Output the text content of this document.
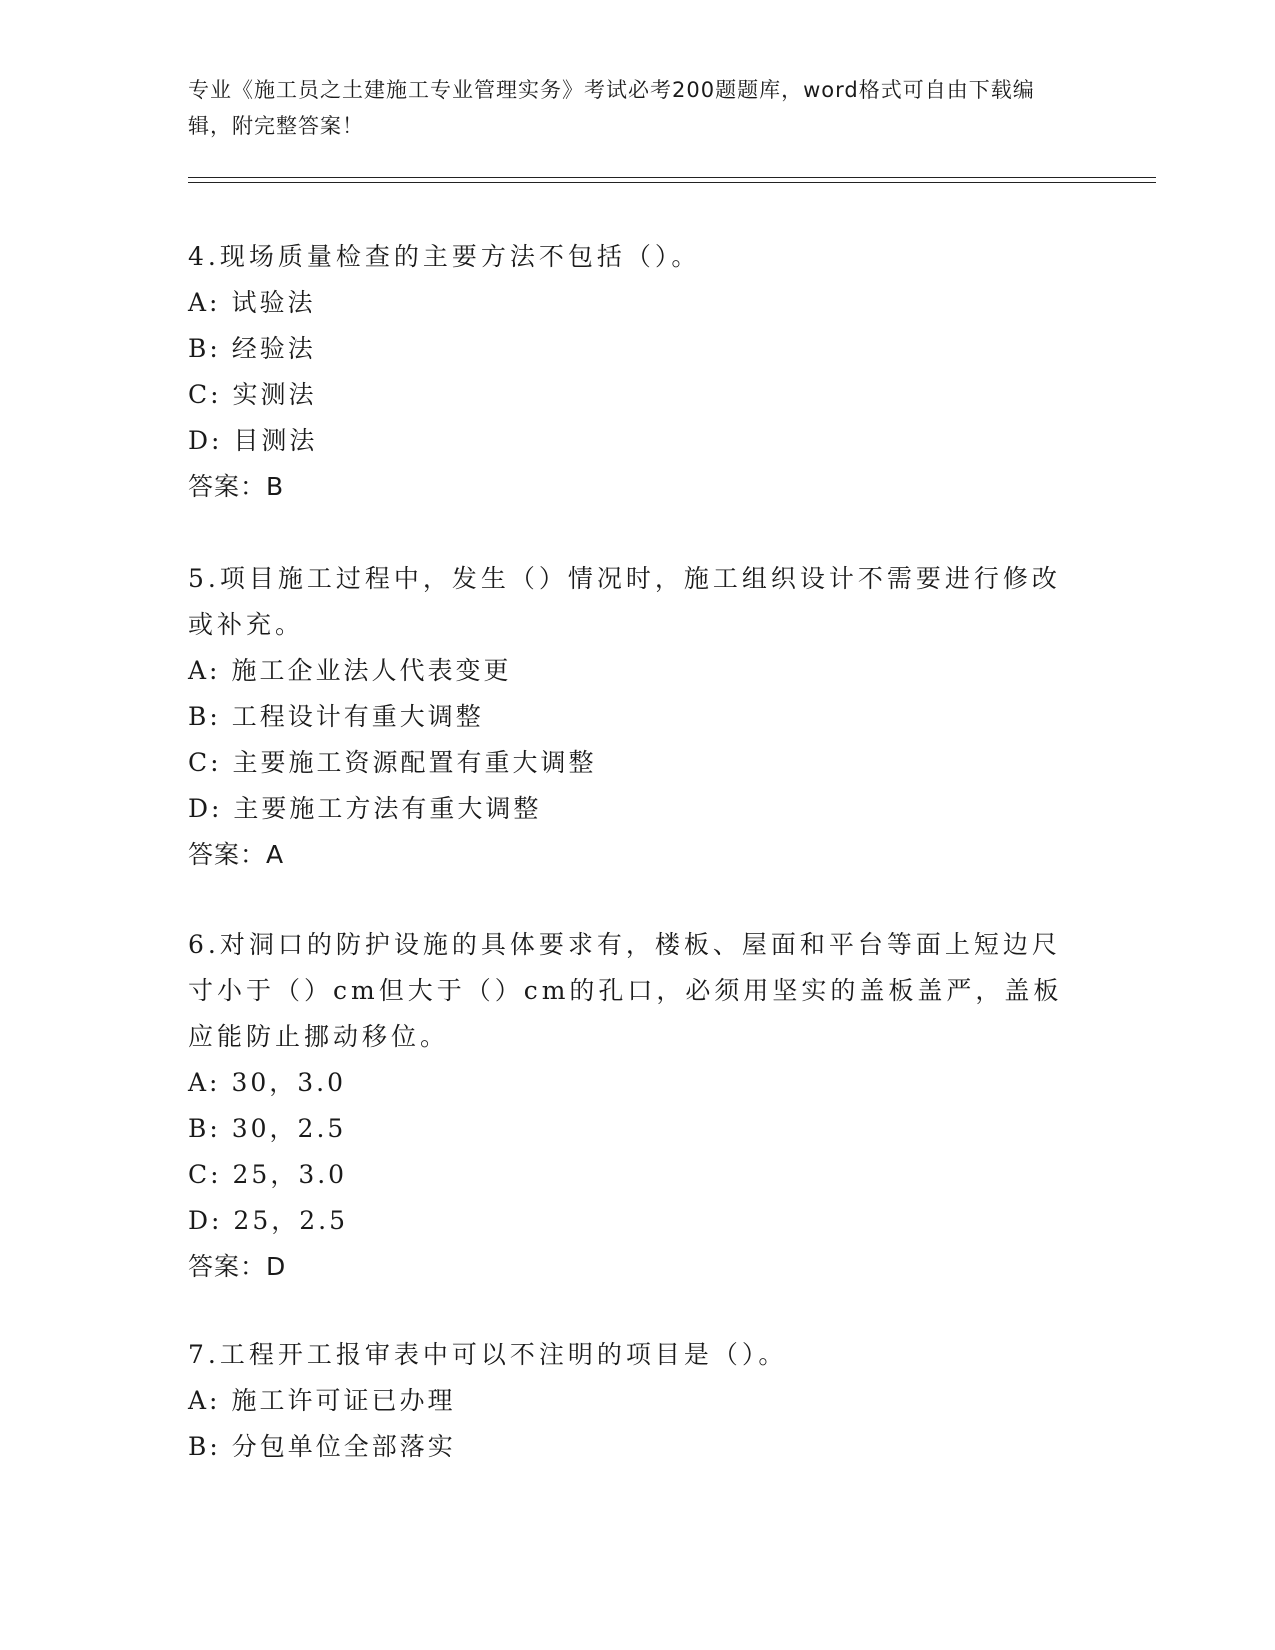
专业《施工员之土建施工专业管理实务》考试必考200题题库，word格式可自由下载编辑，附完整答案！
4.现场质量检查的主要方法不包括（）。
A: 试验法
B: 经验法
C: 实测法
D: 目测法
答案：B
5.项目施工过程中，发生（）情况时，施工组织设计不需要进行修改或补充。
A: 施工企业法人代表变更
B: 工程设计有重大调整
C: 主要施工资源配置有重大调整
D: 主要施工方法有重大调整
答案：A
6.对洞口的防护设施的具体要求有，楼板、屋面和平台等面上短边尺寸小于（）cm但大于（）cm的孔口，必须用坚实的盖板盖严，盖板应能防止挪动移位。
A: 30，3.0
B: 30，2.5
C: 25，3.0
D: 25，2.5
答案：D
7.工程开工报审表中可以不注明的项目是（）。
A: 施工许可证已办理
B: 分包单位全部落实
